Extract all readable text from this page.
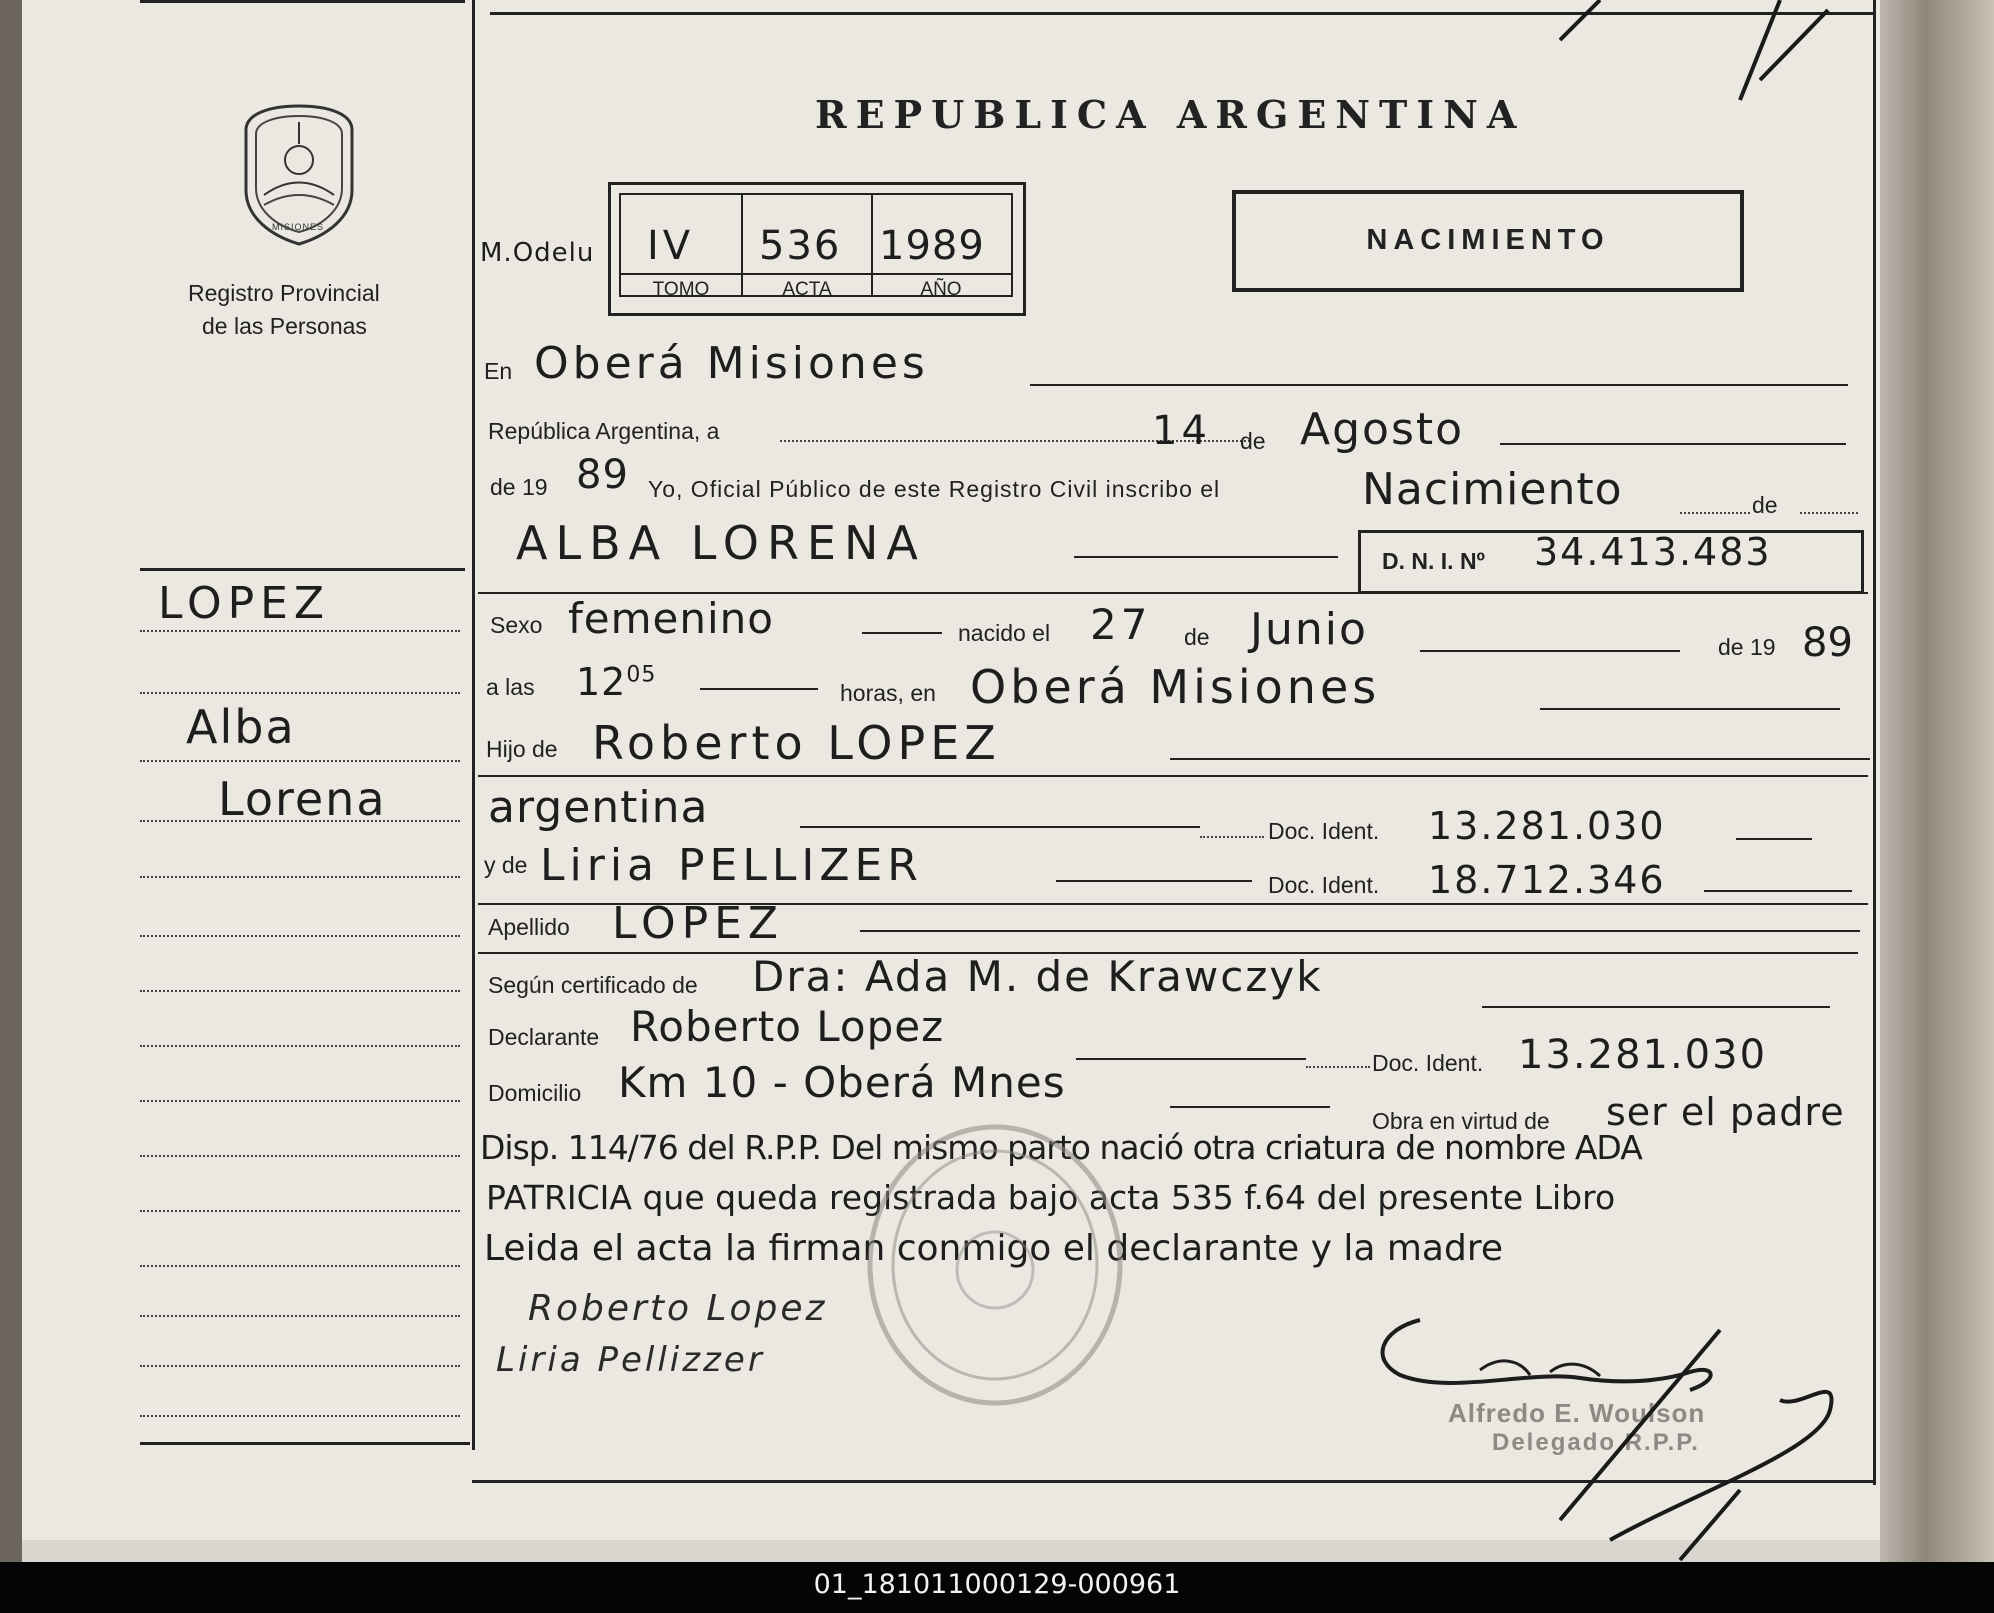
MISIONES
Registro Provincial
de las Personas
REPUBLICA ARGENTINA
M.Odelu IV 536 1989
TOMO	ACTA	AÑO
NACIMIENTO
LOPEZ
Alba
Lorena
En Oberá Misiones
República Argentina, a	14 de Agosto
de 19 89 Yo, Oficial Público de este Registro Civil inscribo el	Nacimiento	de
ALBA LORENA	D. N. I. Nº 34.413.483
Sexo femenino	nacido el 27 de Junio	de 19 89
a las $12^{05}$
horas, en Oberá Misiones
Hijo de Roberto LOPEZ
argentina	Doc. Ident. 13.281.030
y de Liria PELLIZER	Doc. Ident. 18.712.346
Apellido LOPEZ
Según certificado de Dra: Ada M. de Krawczyk
Declarante Roberto Lopez
Doc. Ident. 13.281.030
Domicilio Km 10 - Oberá Mnes
Obra en virtud de ser el padre
Disp. 114/76 del R.P.P. Del mismo parto nació otra criatura de nombre ADA
PATRICIA que queda registrada bajo acta 535 f.64 del presente Libro
Leida el acta la firman conmigo el declarante y la madre
Roberto Lopez
Liria Pellizzer
Alfredo E. Woulson
Delegado R.P.P.
01_181011000129-000961
